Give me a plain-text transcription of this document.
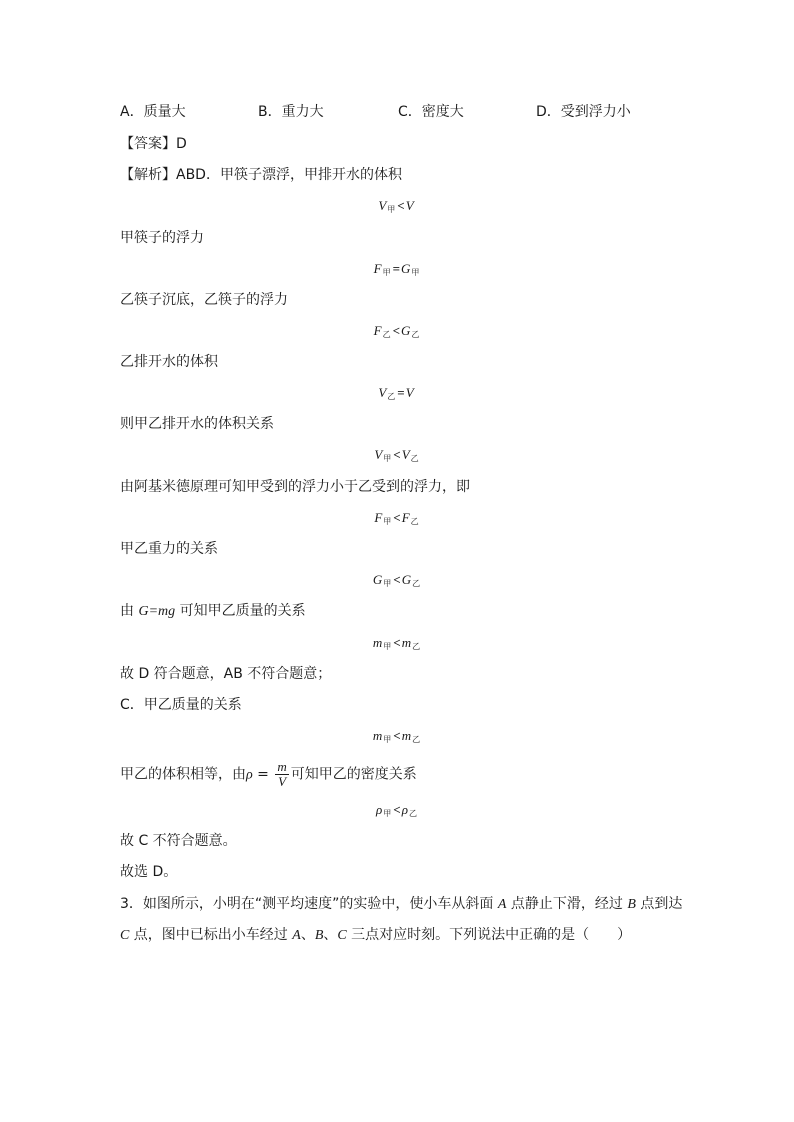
A．质量大	B．重力大	C．密度大	D．受到浮力小
【答案】D
【解析】ABD．甲筷子漂浮，甲排开水的体积
V甲 <V
甲筷子的浮力
F甲 =G甲
乙筷子沉底，乙筷子的浮力
F乙 <G乙
乙排开水的体积
V乙 =V
则甲乙排开水的体积关系
V甲 <V乙
由阿基米德原理可知甲受到的浮力小于乙受到的浮力，即
F甲 <F乙
甲乙重力的关系
G甲 <G乙
由 G=mg 可知甲乙质量的关系
m甲 <m乙
故 D 符合题意，AB 不符合题意；
C．甲乙质量的关系
m甲 <m乙
甲乙的体积相等，由$\rho = \frac{m}{V}$ 可知甲乙的密度关系
ρ甲 <ρ乙
故 C 不符合题意。
故选 D。
3．如图所示，小明在“测平均速度”的实验中，使小车从斜面 A 点静止下滑，经过 B 点到达
C 点，图中已标出小车经过 A、B、C 三点对应时刻。下列说法中正确的是（　　）
